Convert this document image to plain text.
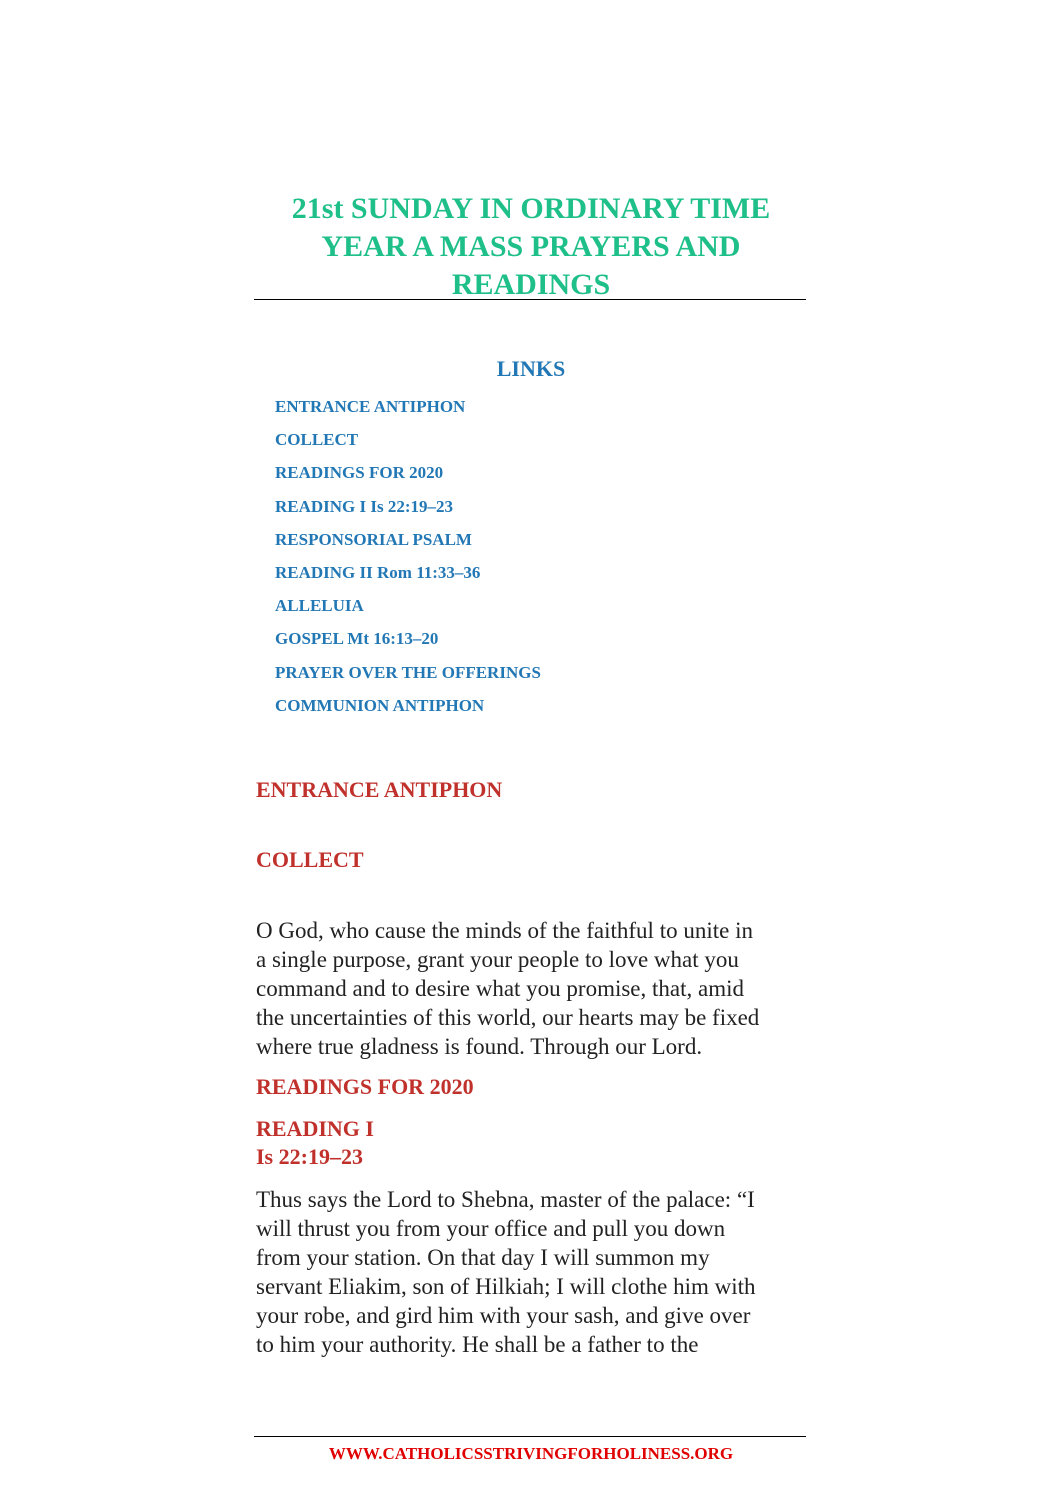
21st SUNDAY IN ORDINARY TIME
YEAR A MASS PRAYERS AND
READINGS
LINKS
ENTRANCE ANTIPHON
COLLECT
READINGS FOR 2020
READING I Is 22:19–23
RESPONSORIAL PSALM
READING II Rom 11:33–36
ALLELUIA
GOSPEL Mt 16:13–20
PRAYER OVER THE OFFERINGS
COMMUNION ANTIPHON
ENTRANCE ANTIPHON
COLLECT

O God, who cause the minds of the faithful to unite in
a single purpose, grant your people to love what you
command and to desire what you promise, that, amid
the uncertainties of this world, our hearts may be fixed
where true gladness is found. Through our Lord.

READINGS FOR 2020
READING I
Is 22:19–23

Thus says the Lord to Shebna, master of the palace: “I
will thrust you from your office and pull you down
from your station. On that day I will summon my
servant Eliakim, son of Hilkiah; I will clothe him with
your robe, and gird him with your sash, and give over
to him your authority. He shall be a father to the

WWW.CATHOLICSSTRIVINGFORHOLINESS.ORG
